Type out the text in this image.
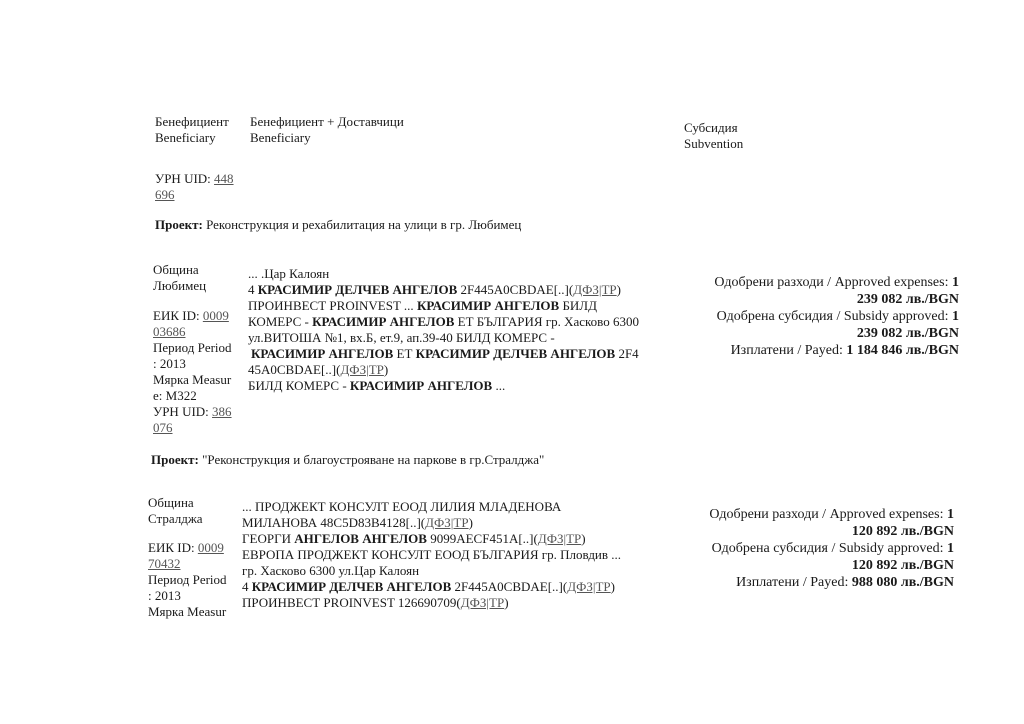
Бенефициент
Beneficiary
Бенефициент + Доставчици
Beneficiary
Субсидия
Subvention
УРН UID: 448
696
Проект: Реконструкция и рехабилитация на улици в гр. Любимец
Община
Любимец
ЕИК ID: 0009
03686
Период Period
: 2013
Мярка Measur
e: M322
УРН UID: 386
076
... .Цар Калоян
4 КРАСИМИР ДЕЛЧЕВ АНГЕЛОВ 2F445A0CBDAE[..](ДФЗ|ТР)
ПРОИНВЕСТ PROINVEST ... КРАСИМИР АНГЕЛОВ БИЛД
КОМЕРС - КРАСИМИР АНГЕЛОВ ЕТ БЪЛГАРИЯ гр. Хасково 6300
ул.ВИТОША №1, вх.Б, ет.9, ап.39-40 БИЛД КОМЕРС -
КРАСИМИР АНГЕЛОВ ЕТ КРАСИМИР ДЕЛЧЕВ АНГЕЛОВ 2F4
45A0CBDAE[..](ДФЗ|ТР)
БИЛД КОМЕРС - КРАСИМИР АНГЕЛОВ ...
Одобрени разходи / Approved expenses: 1
239 082 лв./BGN
Одобрена субсидия / Subsidy approved: 1
239 082 лв./BGN
Изплатени / Payed: 1 184 846 лв./BGN
Проект: "Реконструкция и благоустрояване на паркове в гр.Стралджа"
Община
Стралджа
ЕИК ID: 0009
70432
Период Period
: 2013
Мярка Measur
... ПРОДЖЕКТ КОНСУЛТ ЕООД ЛИЛИЯ МЛАДЕНОВА
МИЛАНОВА 48C5D83B4128[..](ДФЗ|ТР)
ГЕОРГИ АНГЕЛОВ АНГЕЛОВ 9099AECF451A[..](ДФЗ|ТР)
ЕВРОПА ПРОДЖЕКТ КОНСУЛТ ЕООД БЪЛГАРИЯ гр. Пловдив ...
гр. Хасково 6300 ул.Цар Калоян
4 КРАСИМИР ДЕЛЧЕВ АНГЕЛОВ 2F445A0CBDAE[..](ДФЗ|ТР)
ПРОИНВЕСТ PROINVEST 126690709(ДФЗ|ТР)
Одобрени разходи / Approved expenses: 1
120 892 лв./BGN
Одобрена субсидия / Subsidy approved: 1
120 892 лв./BGN
Изплатени / Payed: 988 080 лв./BGN
